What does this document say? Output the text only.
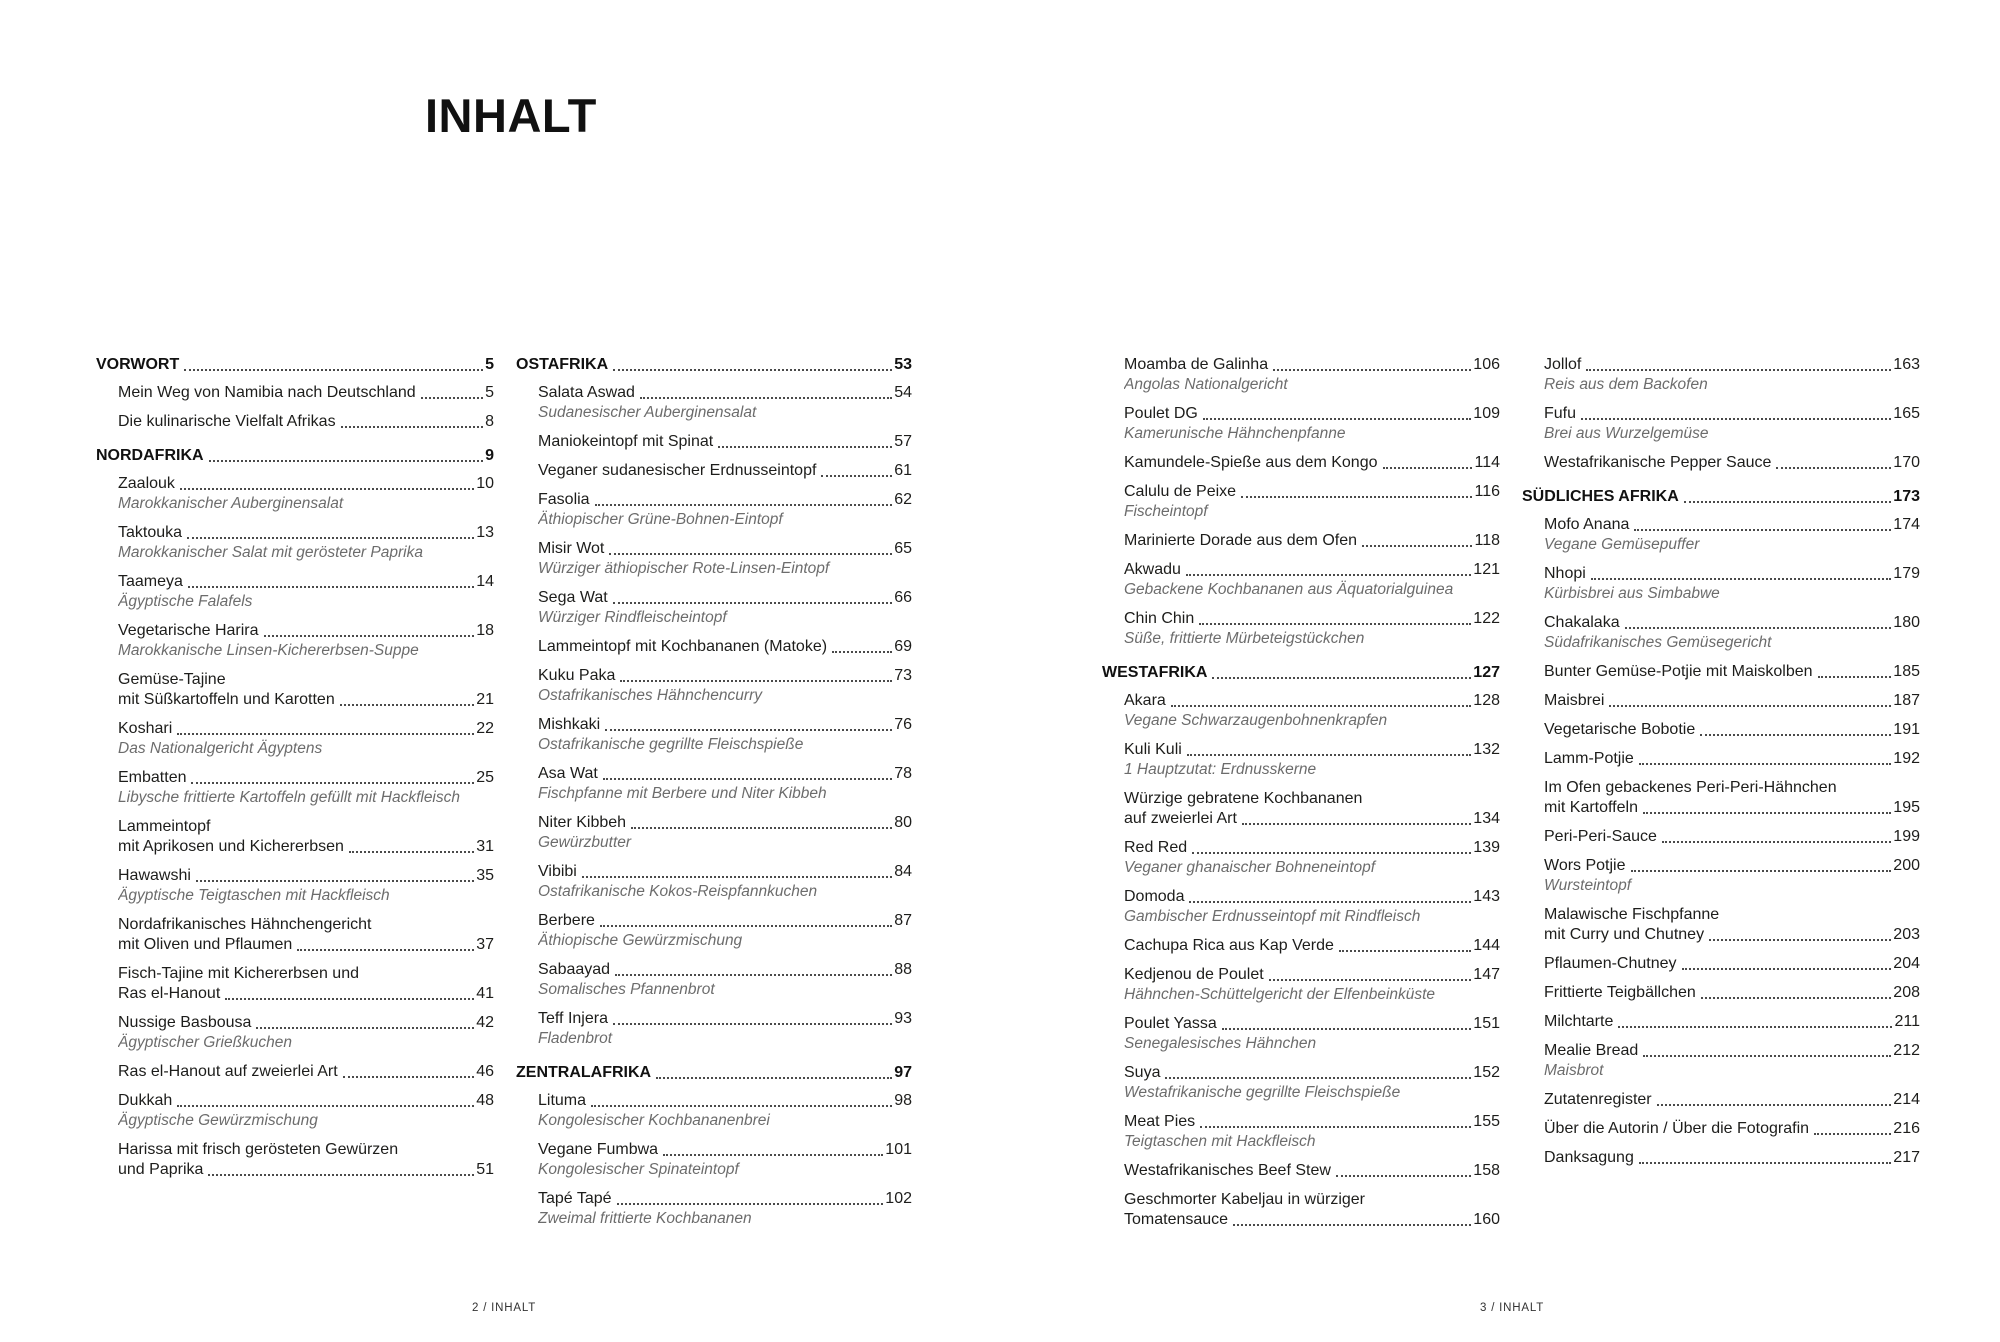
INHALT
VORWORT	5
Mein Weg von Namibia nach Deutschland	5
Die kulinarische Vielfalt Afrikas	8
NORDAFRIKA	9
Zaalouk	10
Marokkanischer Auberginensalat
Taktouka	13
Marokkanischer Salat mit gerösteter Paprika
Taameya	14
Ägyptische Falafels
Vegetarische Harira	18
Marokkanische Linsen-Kichererbsen-Suppe
Gemüse-Tajine
mit Süßkartoffeln und Karotten	21
Koshari	22
Das Nationalgericht Ägyptens
Embatten	25
Libysche frittierte Kartoffeln gefüllt mit Hackfleisch
Lammeintopf
mit Aprikosen und Kichererbsen	31
Hawawshi	35
Ägyptische Teigtaschen mit Hackfleisch
Nordafrikanisches Hähnchengericht
mit Oliven und Pflaumen	37
Fisch-Tajine mit Kichererbsen und
Ras el-Hanout	41
Nussige Basbousa	42
Ägyptischer Grießkuchen
Ras el-Hanout auf zweierlei Art	46
Dukkah	48
Ägyptische Gewürzmischung
Harissa mit frisch gerösteten Gewürzen
und Paprika	51
OSTAFRIKA	53
Salata Aswad	54
Sudanesischer Auberginensalat
Maniokeintopf mit Spinat	57
Veganer sudanesischer Erdnusseintopf	61
Fasolia	62
Äthiopischer Grüne-Bohnen-Eintopf
Misir Wot	65
Würziger äthiopischer Rote-Linsen-Eintopf
Sega Wat	66
Würziger Rindfleischeintopf
Lammeintopf mit Kochbananen (Matoke)	69
Kuku Paka	73
Ostafrikanisches Hähnchencurry
Mishkaki	76
Ostafrikanische gegrillte Fleischspieße
Asa Wat	78
Fischpfanne mit Berbere und Niter Kibbeh
Niter Kibbeh	80
Gewürzbutter
Vibibi	84
Ostafrikanische Kokos-Reispfannkuchen
Berbere	87
Äthiopische Gewürzmischung
Sabaayad	88
Somalisches Pfannenbrot
Teff Injera	93
Fladenbrot
ZENTRALAFRIKA	97
Lituma	98
Kongolesischer Kochbananenbrei
Vegane Fumbwa	101
Kongolesischer Spinateintopf
Tapé Tapé	102
Zweimal frittierte Kochbananen
Moamba de Galinha	106
Angolas Nationalgericht
Poulet DG	109
Kamerunische Hähnchenpfanne
Kamundele-Spieße aus dem Kongo	114
Calulu de Peixe	116
Fischeintopf
Marinierte Dorade aus dem Ofen	118
Akwadu	121
Gebackene Kochbananen aus Äquatorialguinea
Chin Chin	122
Süße, frittierte Mürbeteigstückchen
WESTAFRIKA	127
Akara	128
Vegane Schwarzaugenbohnenkrapfen
Kuli Kuli	132
1 Hauptzutat: Erdnusskerne
Würzige gebratene Kochbananen
auf zweierlei Art	134
Red Red	139
Veganer ghanaischer Bohneneintopf
Domoda	143
Gambischer Erdnusseintopf mit Rindfleisch
Cachupa Rica aus Kap Verde	144
Kedjenou de Poulet	147
Hähnchen-Schüttelgericht der Elfenbeinküste
Poulet Yassa	151
Senegalesisches Hähnchen
Suya	152
Westafrikanische gegrillte Fleischspieße
Meat Pies	155
Teigtaschen mit Hackfleisch
Westafrikanisches Beef Stew	158
Geschmorter Kabeljau in würziger
Tomatensauce	160
Jollof	163
Reis aus dem Backofen
Fufu	165
Brei aus Wurzelgemüse
Westafrikanische Pepper Sauce	170
SÜDLICHES AFRIKA	173
Mofo Anana	174
Vegane Gemüsepuffer
Nhopi	179
Kürbisbrei aus Simbabwe
Chakalaka	180
Südafrikanisches Gemüsegericht
Bunter Gemüse-Potjie mit Maiskolben	185
Maisbrei	187
Vegetarische Bobotie	191
Lamm-Potjie	192
Im Ofen gebackenes Peri-Peri-Hähnchen
mit Kartoffeln	195
Peri-Peri-Sauce	199
Wors Potjie	200
Wursteintopf
Malawische Fischpfanne
mit Curry und Chutney	203
Pflaumen-Chutney	204
Frittierte Teigbällchen	208
Milchtarte	211
Mealie Bread	212
Maisbrot
Zutatenregister	214
Über die Autorin / Über die Fotografin	216
Danksagung	217
2 / INHALT	3 / INHALT
